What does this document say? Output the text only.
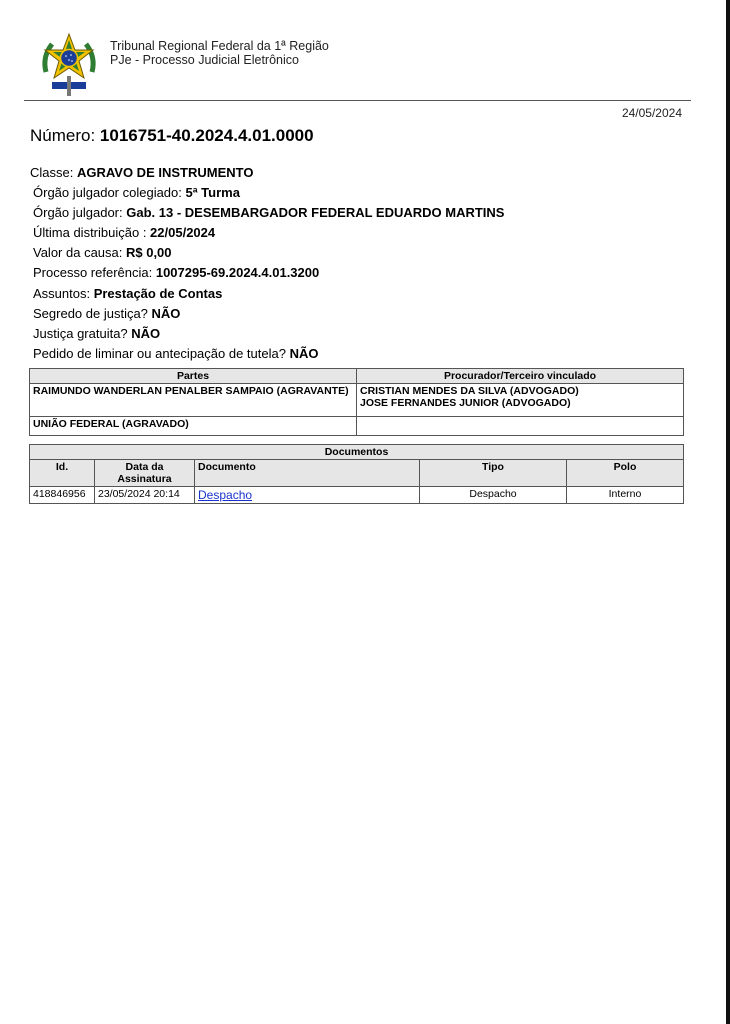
Tribunal Regional Federal da 1ª Região
PJe - Processo Judicial Eletrônico
24/05/2024
Número: 1016751-40.2024.4.01.0000
Classe: AGRAVO DE INSTRUMENTO
Órgão julgador colegiado: 5ª Turma
Órgão julgador: Gab. 13 - DESEMBARGADOR FEDERAL EDUARDO MARTINS
Última distribuição : 22/05/2024
Valor da causa: R$ 0,00
Processo referência: 1007295-69.2024.4.01.3200
Assuntos: Prestação de Contas
Segredo de justiça? NÃO
Justiça gratuita? NÃO
Pedido de liminar ou antecipação de tutela? NÃO
Partes	Procurador/Terceiro vinculado
RAIMUNDO WANDERLAN PENALBER SAMPAIO (AGRAVANTE)	CRISTIAN MENDES DA SILVA (ADVOGADO)
JOSE FERNANDES JUNIOR (ADVOGADO)

UNIÃO FEDERAL (AGRAVADO)	
Documentos				
Id.	Data da Assinatura	Documento	Tipo	Polo
418846956	23/05/2024 20:14	Despacho	Despacho	Interno
